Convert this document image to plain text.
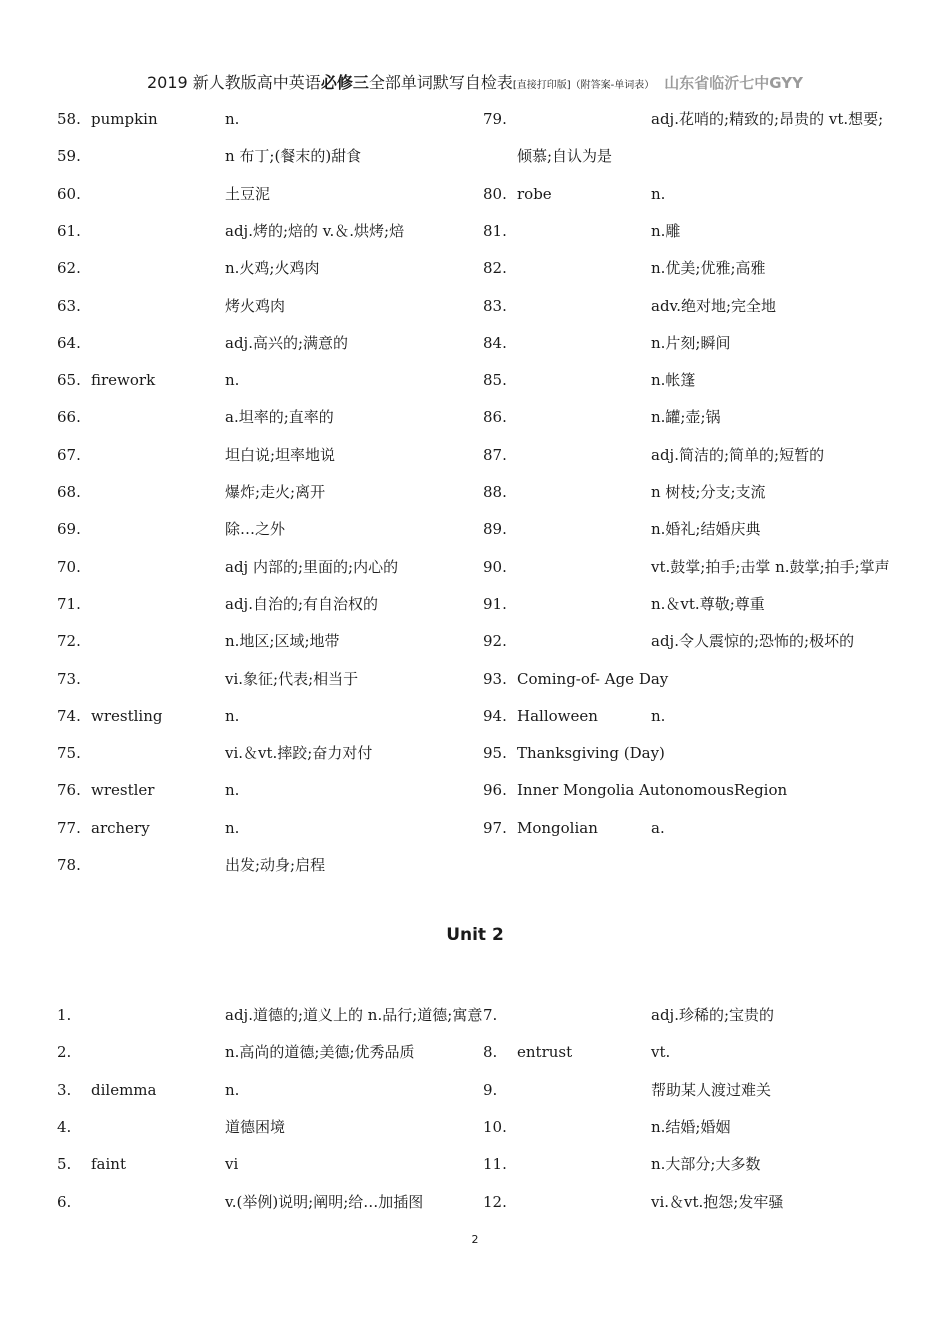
2019 新人教版高中英语必修三全部单词默写自检表[直接打印版]（附答案-单词表） 山东省临沂七中GYY
58. pumpkin	n.
59.	n 布丁;(餐末的)甜食
60.	土豆泥
61.	adj.烤的;焙的 v.＆.烘烤;焙
62.	n.火鸡;火鸡肉
63.	烤火鸡肉
64.	adj.高兴的;满意的
65. firework	n.
66.	a.坦率的;直率的
67.	坦白说;坦率地说
68.	爆炸;走火;离开
69.	除…之外
70.	adj 内部的;里面的;内心的
71.	adj.自治的;有自治权的
72.	n.地区;区域;地带
73.	vi.象征;代表;相当于
74. wrestling	n.
75.	vi.＆vt.摔跤;奋力对付
76. wrestler	n.
77. archery	n.
78.	出发;动身;启程
79.	adj.花哨的;精致的;昂贵的 vt.想要;
倾慕;自认为是
80. robe	n.
81.	n.雕
82.	n.优美;优雅;高雅
83.	adv.绝对地;完全地
84.	n.片刻;瞬间
85.	n.帐篷
86.	n.罐;壶;锅
87.	adj.简洁的;简单的;短暂的
88.	n 树枝;分支;支流
89.	n.婚礼;结婚庆典
90.	vt.鼓掌;拍手;击掌 n.鼓掌;拍手;掌声
91.	n.＆vt.尊敬;尊重
92.	adj.令人震惊的;恐怖的;极坏的
93. Coming-of- Age Day
94. Halloween	n.
95. Thanksgiving (Day)
96. Inner Mongolia AutonomousRegion
97. Mongolian	a.
Unit 2
1.	adj.道德的;道义上的 n.品行;道德;寓意
2.	n.高尚的道德;美德;优秀品质
3. dilemma	n.
4.	道德困境
5. faint	vi
6.	v.(举例)说明;阐明;给…加插图
7.	adj.珍稀的;宝贵的
8. entrust	vt.
9.	帮助某人渡过难关
10.	n.结婚;婚姻
11.	n.大部分;大多数
12.	vi.＆vt.抱怨;发牢骚
2
